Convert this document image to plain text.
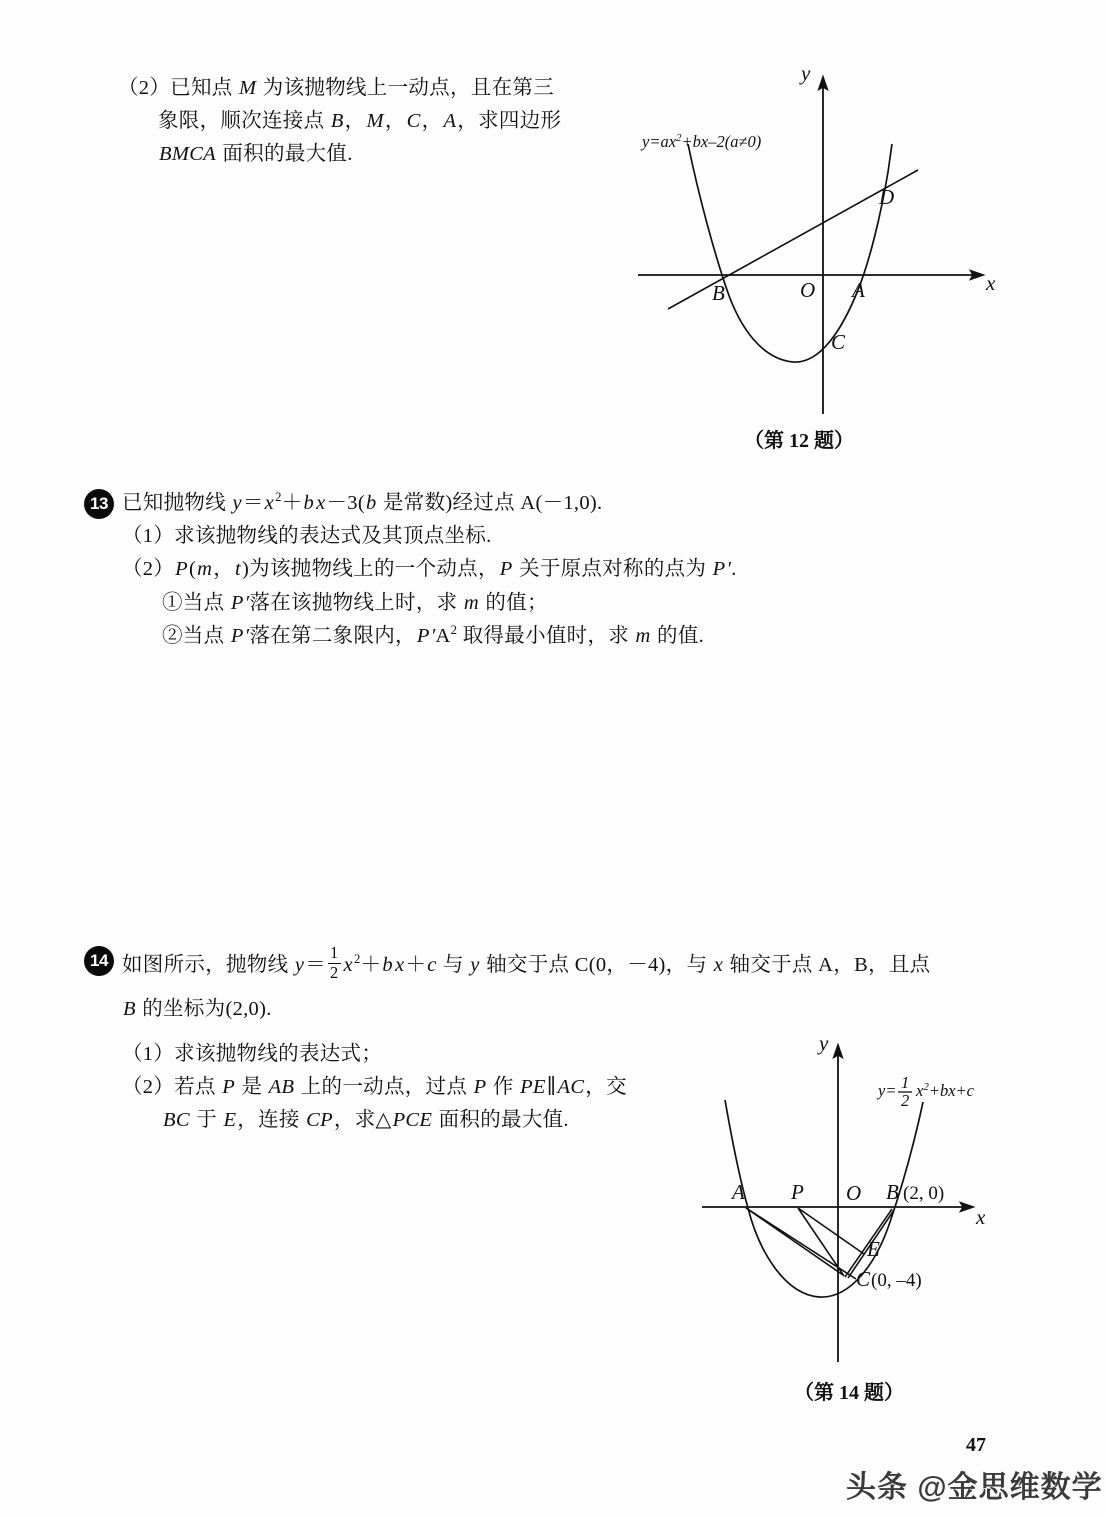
（2）已知点 M 为该抛物线上一动点，且在第三
象限，顺次连接点 B，M，C，A，求四边形
BMCA 面积的最大值.
y
x
O
B	A
C
D
$y=ax^2+bx-2(a\ne 0)$
（第 12 题）
13 已知抛物线 $y=x^2+bx-3(b$ 是常数)经过点 A(－1,0).
（1）求该抛物线的表达式及其顶点坐标.
（2）P(m，t)为该抛物线上的一个动点，P 关于原点对称的点为 P′.
①当点 P′落在该抛物线上时，求 m 的值；
②当点 P′落在第二象限内，$P'A^2$ 取得最小值时，求 m 的值.
14 如图所示，抛物线 $y= \frac{1}{2} x^2+bx+c$ 与 y 轴交于点 C(0，－4)，与 x 轴交于点 A，B，且点
B 的坐标为(2,0).
（1）求该抛物线的表达式；
（2）若点 P 是 AB 上的一动点，过点 P 作 PE∥AC，交
BC 于 E，连接 CP，求△PCE 面积的最大值.
y
x
O
A P	B (2, 0)
E
C (0, –4)
y= 1
2
$x^2+bx+c$
（第 14 题）
47
头条 @金思维数学
